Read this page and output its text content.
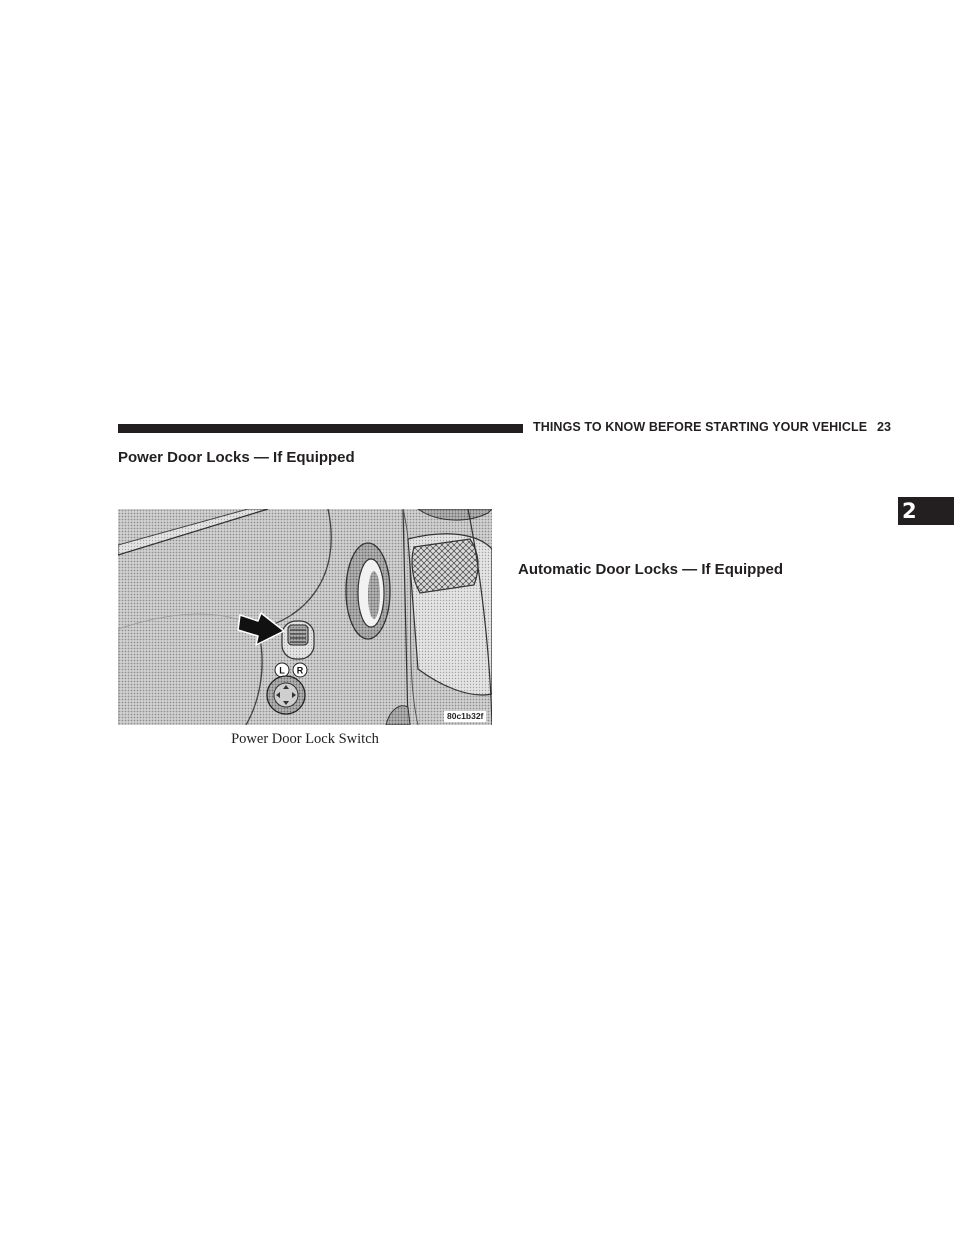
THINGS TO KNOW BEFORE STARTING YOUR VEHICLE 23
Power Door Locks — If Equipped
Automatic Door Locks — If Equipped
2
L R
80c1b32f
Power Door Lock Switch
